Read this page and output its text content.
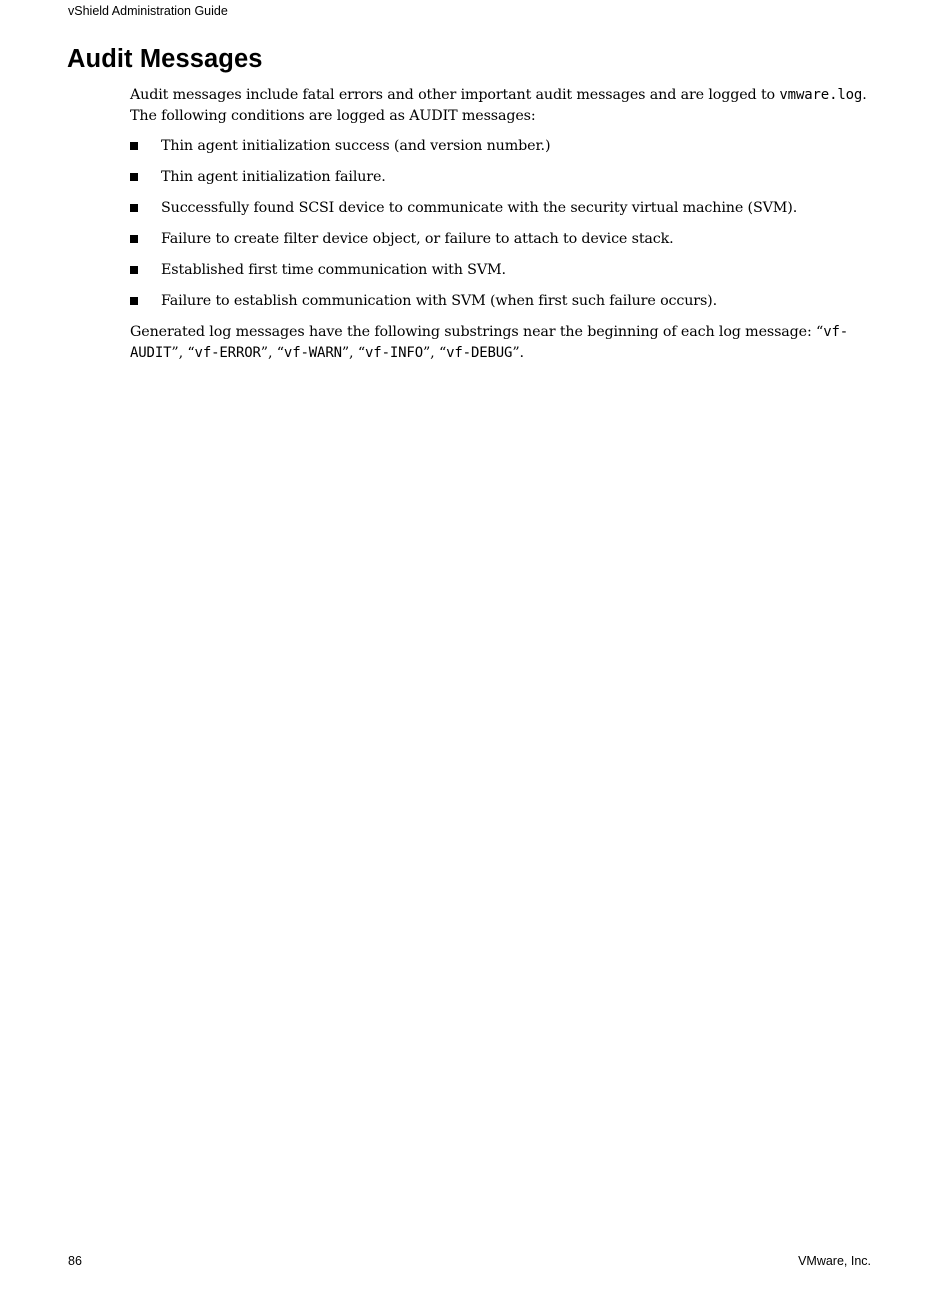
vShield Administration Guide
Audit Messages

Audit messages include fatal errors and other important audit messages and are logged to vmware.log. The following conditions are logged as AUDIT messages:

Thin agent initialization success (and version number.)
Thin agent initialization failure.
Successfully found SCSI device to communicate with the security virtual machine (SVM).
Failure to create filter device object, or failure to attach to device stack.
Established first time communication with SVM.
Failure to establish communication with SVM (when first such failure occurs).

Generated log messages have the following substrings near the beginning of each log message: “vf-AUDIT”, “vf-ERROR”, “vf-WARN”, “vf-INFO”, “vf-DEBUG”.

86	VMware, Inc.
